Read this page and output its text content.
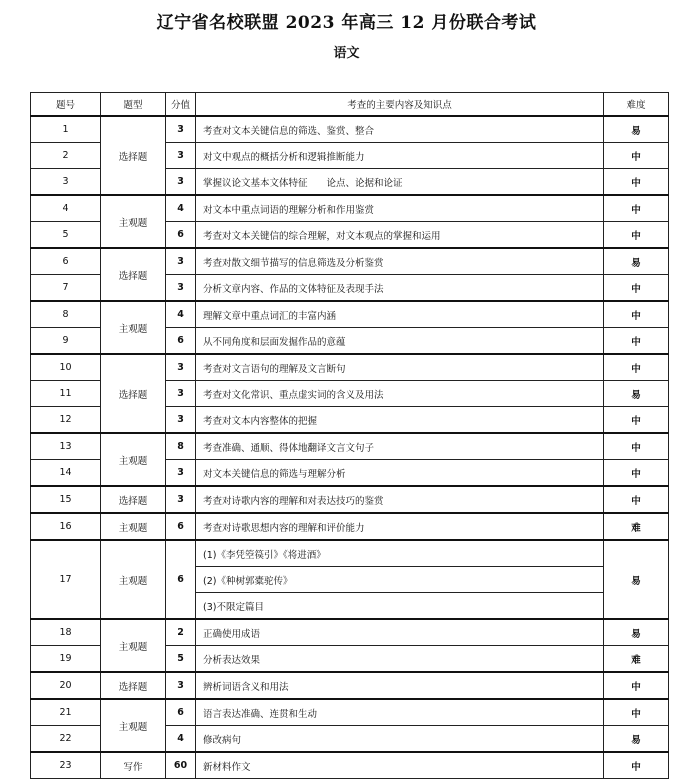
辽宁省名校联盟 2023 年高三 12 月份联合考试
语文
题号	题型	分值	考查的主要内容及知识点	难度
1	选择题	3	考查对文本关键信息的筛选、鉴赏、整合	易
2		3	对文中观点的概括分析和逻辑推断能力	中
3		3	掌握议论文基本文体特征　　论点、论据和论证	中
4	主观题	4	对文本中重点词语的理解分析和作用鉴赏	中
5		6	考查对文本关键信的综合理解，对文本观点的掌握和运用	中
6	选择题	3	考查对散文细节描写的信息筛选及分析鉴赏	易
7		3	分析文章内容、作品的文体特征及表现手法	中
8	主观题	4	理解文章中重点词汇的丰富内涵	中
9		6	从不同角度和层面发掘作品的意蕴	中
10	选择题	3	考查对文言语句的理解及文言断句	中
11		3	考查对文化常识、重点虚实词的含义及用法	易
12		3	考查对文本内容整体的把握	中
13	主观题	8	考查准确、通顺、得体地翻译文言文句子	中
14		3	对文本关键信息的筛选与理解分析	中
15	选择题	3	考查对诗歌内容的理解和对表达技巧的鉴赏	中
16	主观题	6	考查对诗歌思想内容的理解和评价能力	难
17	主观题	6	(1)《李凭箜篌引》《将进酒》	易
			(2)《种树郭橐驼传》	
			(3)不限定篇目	
18	主观题	2	正确使用成语	易
19		5	分析表达效果	难
20	选择题	3	辨析词语含义和用法	中
21	主观题	6	语言表达准确、连贯和生动	中
22		4	修改病句	易
23	写作	60	新材料作文	中
